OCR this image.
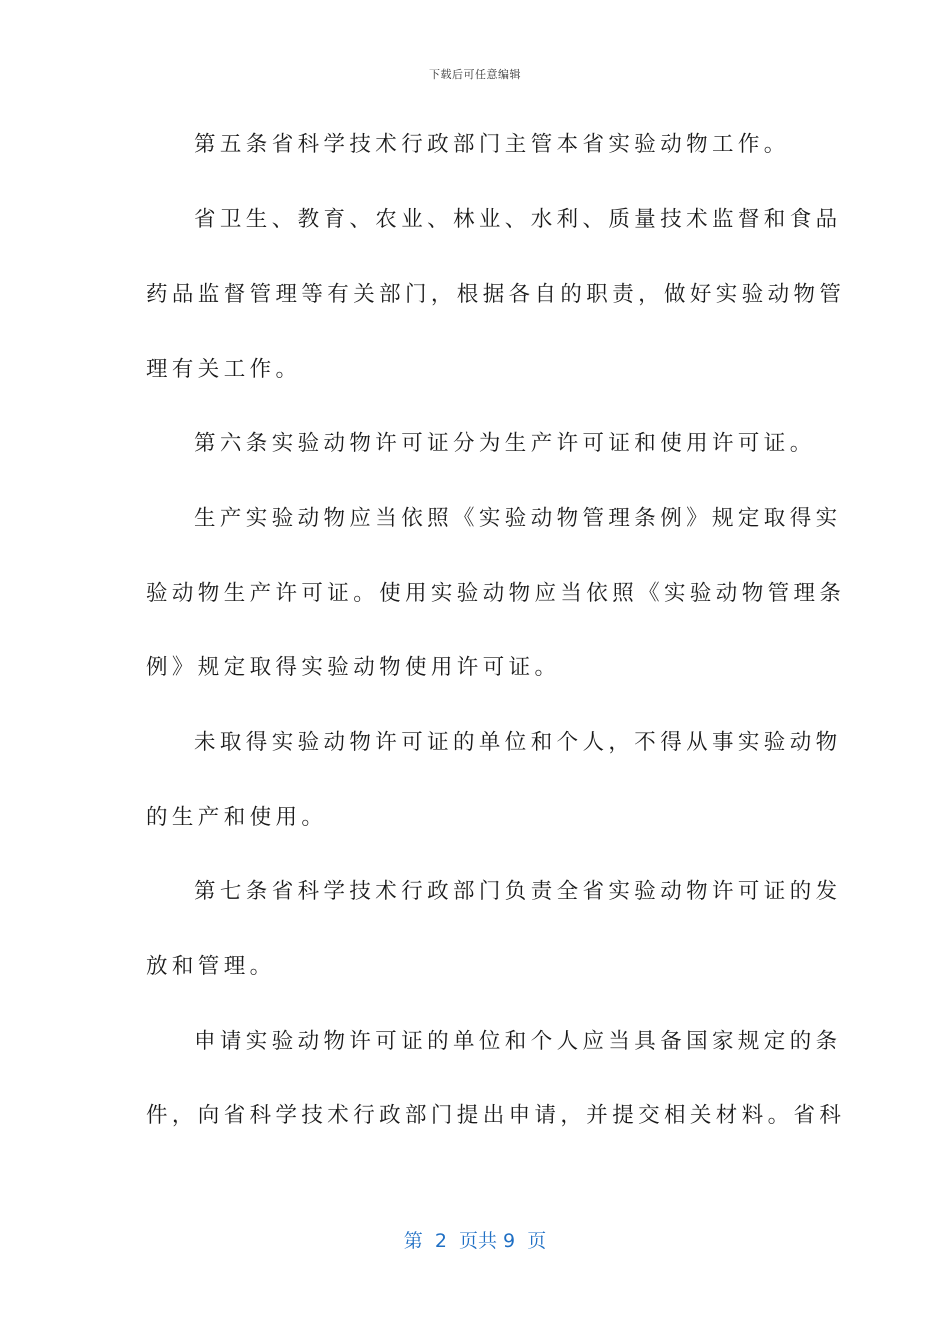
下载后可任意编辑
第五条省科学技术行政部门主管本省实验动物工作。
省卫生、教育、农业、林业、水利、质量技术监督和食品
药品监督管理等有关部门，根据各自的职责，做好实验动物管
理有关工作。
第六条实验动物许可证分为生产许可证和使用许可证。
生产实验动物应当依照《实验动物管理条例》规定取得实
验动物生产许可证。使用实验动物应当依照《实验动物管理条
例》规定取得实验动物使用许可证。
未取得实验动物许可证的单位和个人，不得从事实验动物
的生产和使用。
第七条省科学技术行政部门负责全省实验动物许可证的发
放和管理。
申请实验动物许可证的单位和个人应当具备国家规定的条
件，向省科学技术行政部门提出申请，并提交相关材料。省科
第  2  页共 9  页
